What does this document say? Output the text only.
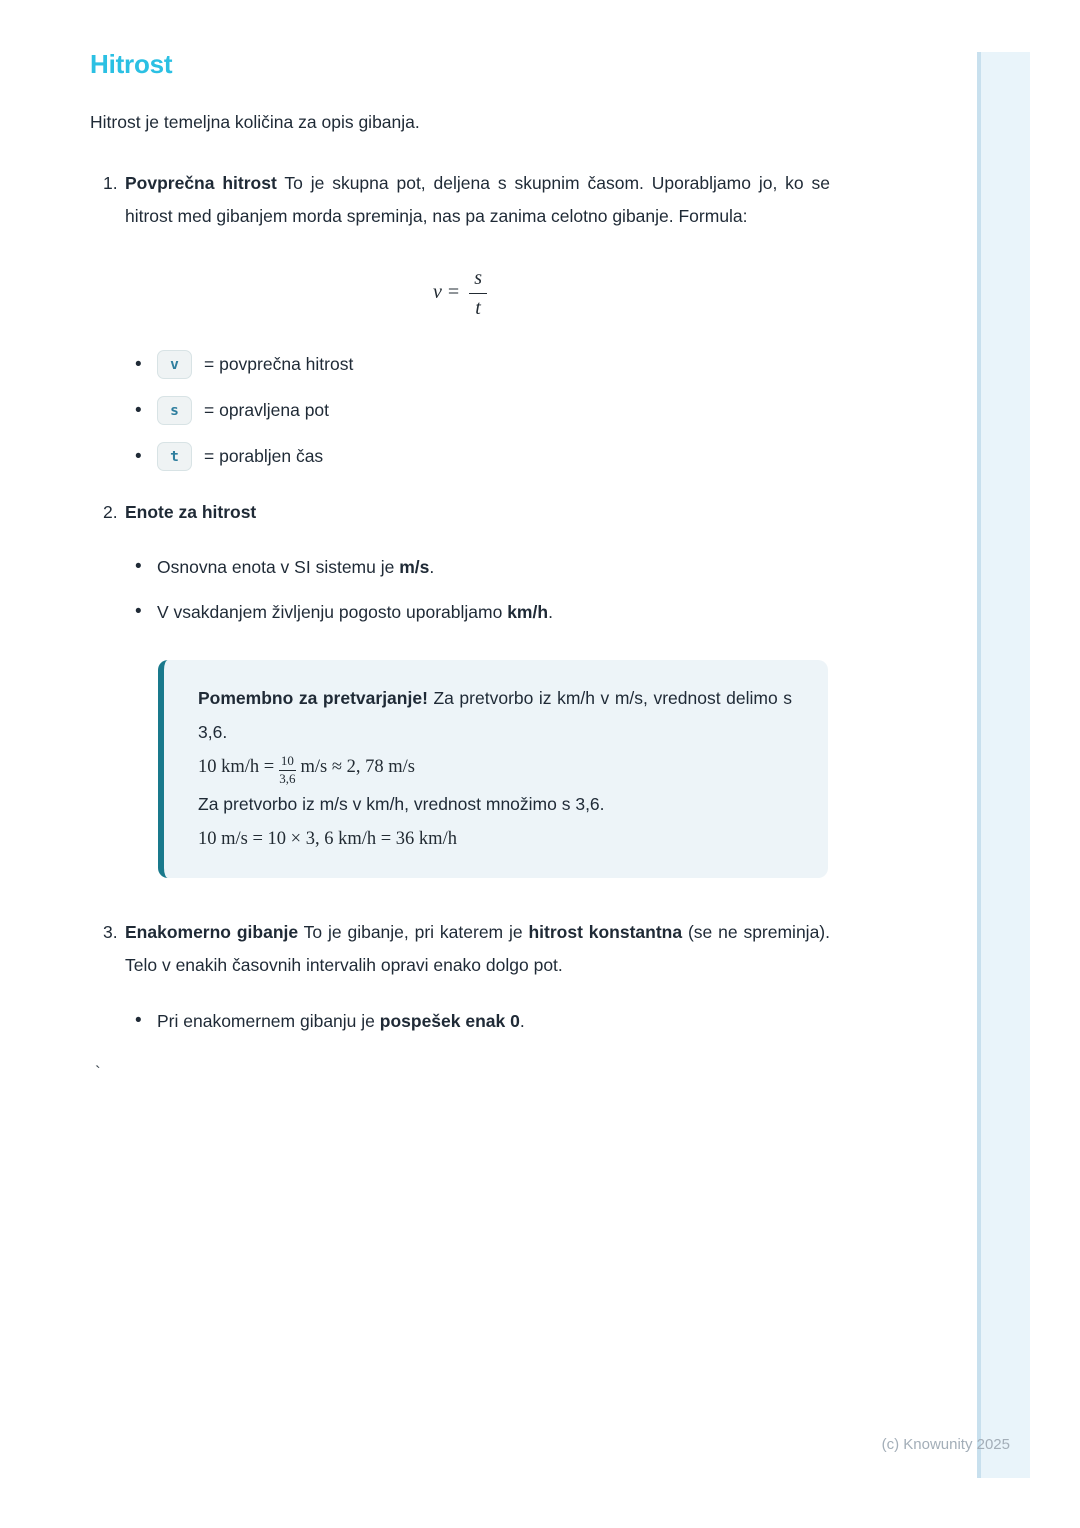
Hitrost

Hitrost je temeljna količina za opis gibanja.

1. Povprečna hitrost To je skupna pot, deljena s skupnim časom. Uporabljamo jo, ko se hitrost med gibanjem morda spreminja, nas pa zanima celotno gibanje. Formula:
$v = \frac{s}{t}$
•	v	= povprečna hitrost
•	s	= opravljena pot
•	t	= porabljen čas
2. Enote za hitrost
• Osnovna enota v SI sistemu je m/s.
• V vsakdanjem življenju pogosto uporabljamo km/h.
Pomembno za pretvarjanje! Za pretvorbo iz km/h v m/s, vrednost delimo s 3,6.
10 $km/h = \frac{10}{3,6} m/s \approx 2$, 78 m/s
Za pretvorbo iz m/s v km/h, vrednost množimo s 3,6.
10 m/s = 10 × 3, 6 km/h = 36 km/h
3. Enakomerno gibanje To je gibanje, pri katerem je hitrost konstantna (se ne spreminja). Telo v enakih časovnih intervalih opravi enako dolgo pot.
• Pri enakomernem gibanju je pospešek enak 0.
`
(c) Knowunity 2025
